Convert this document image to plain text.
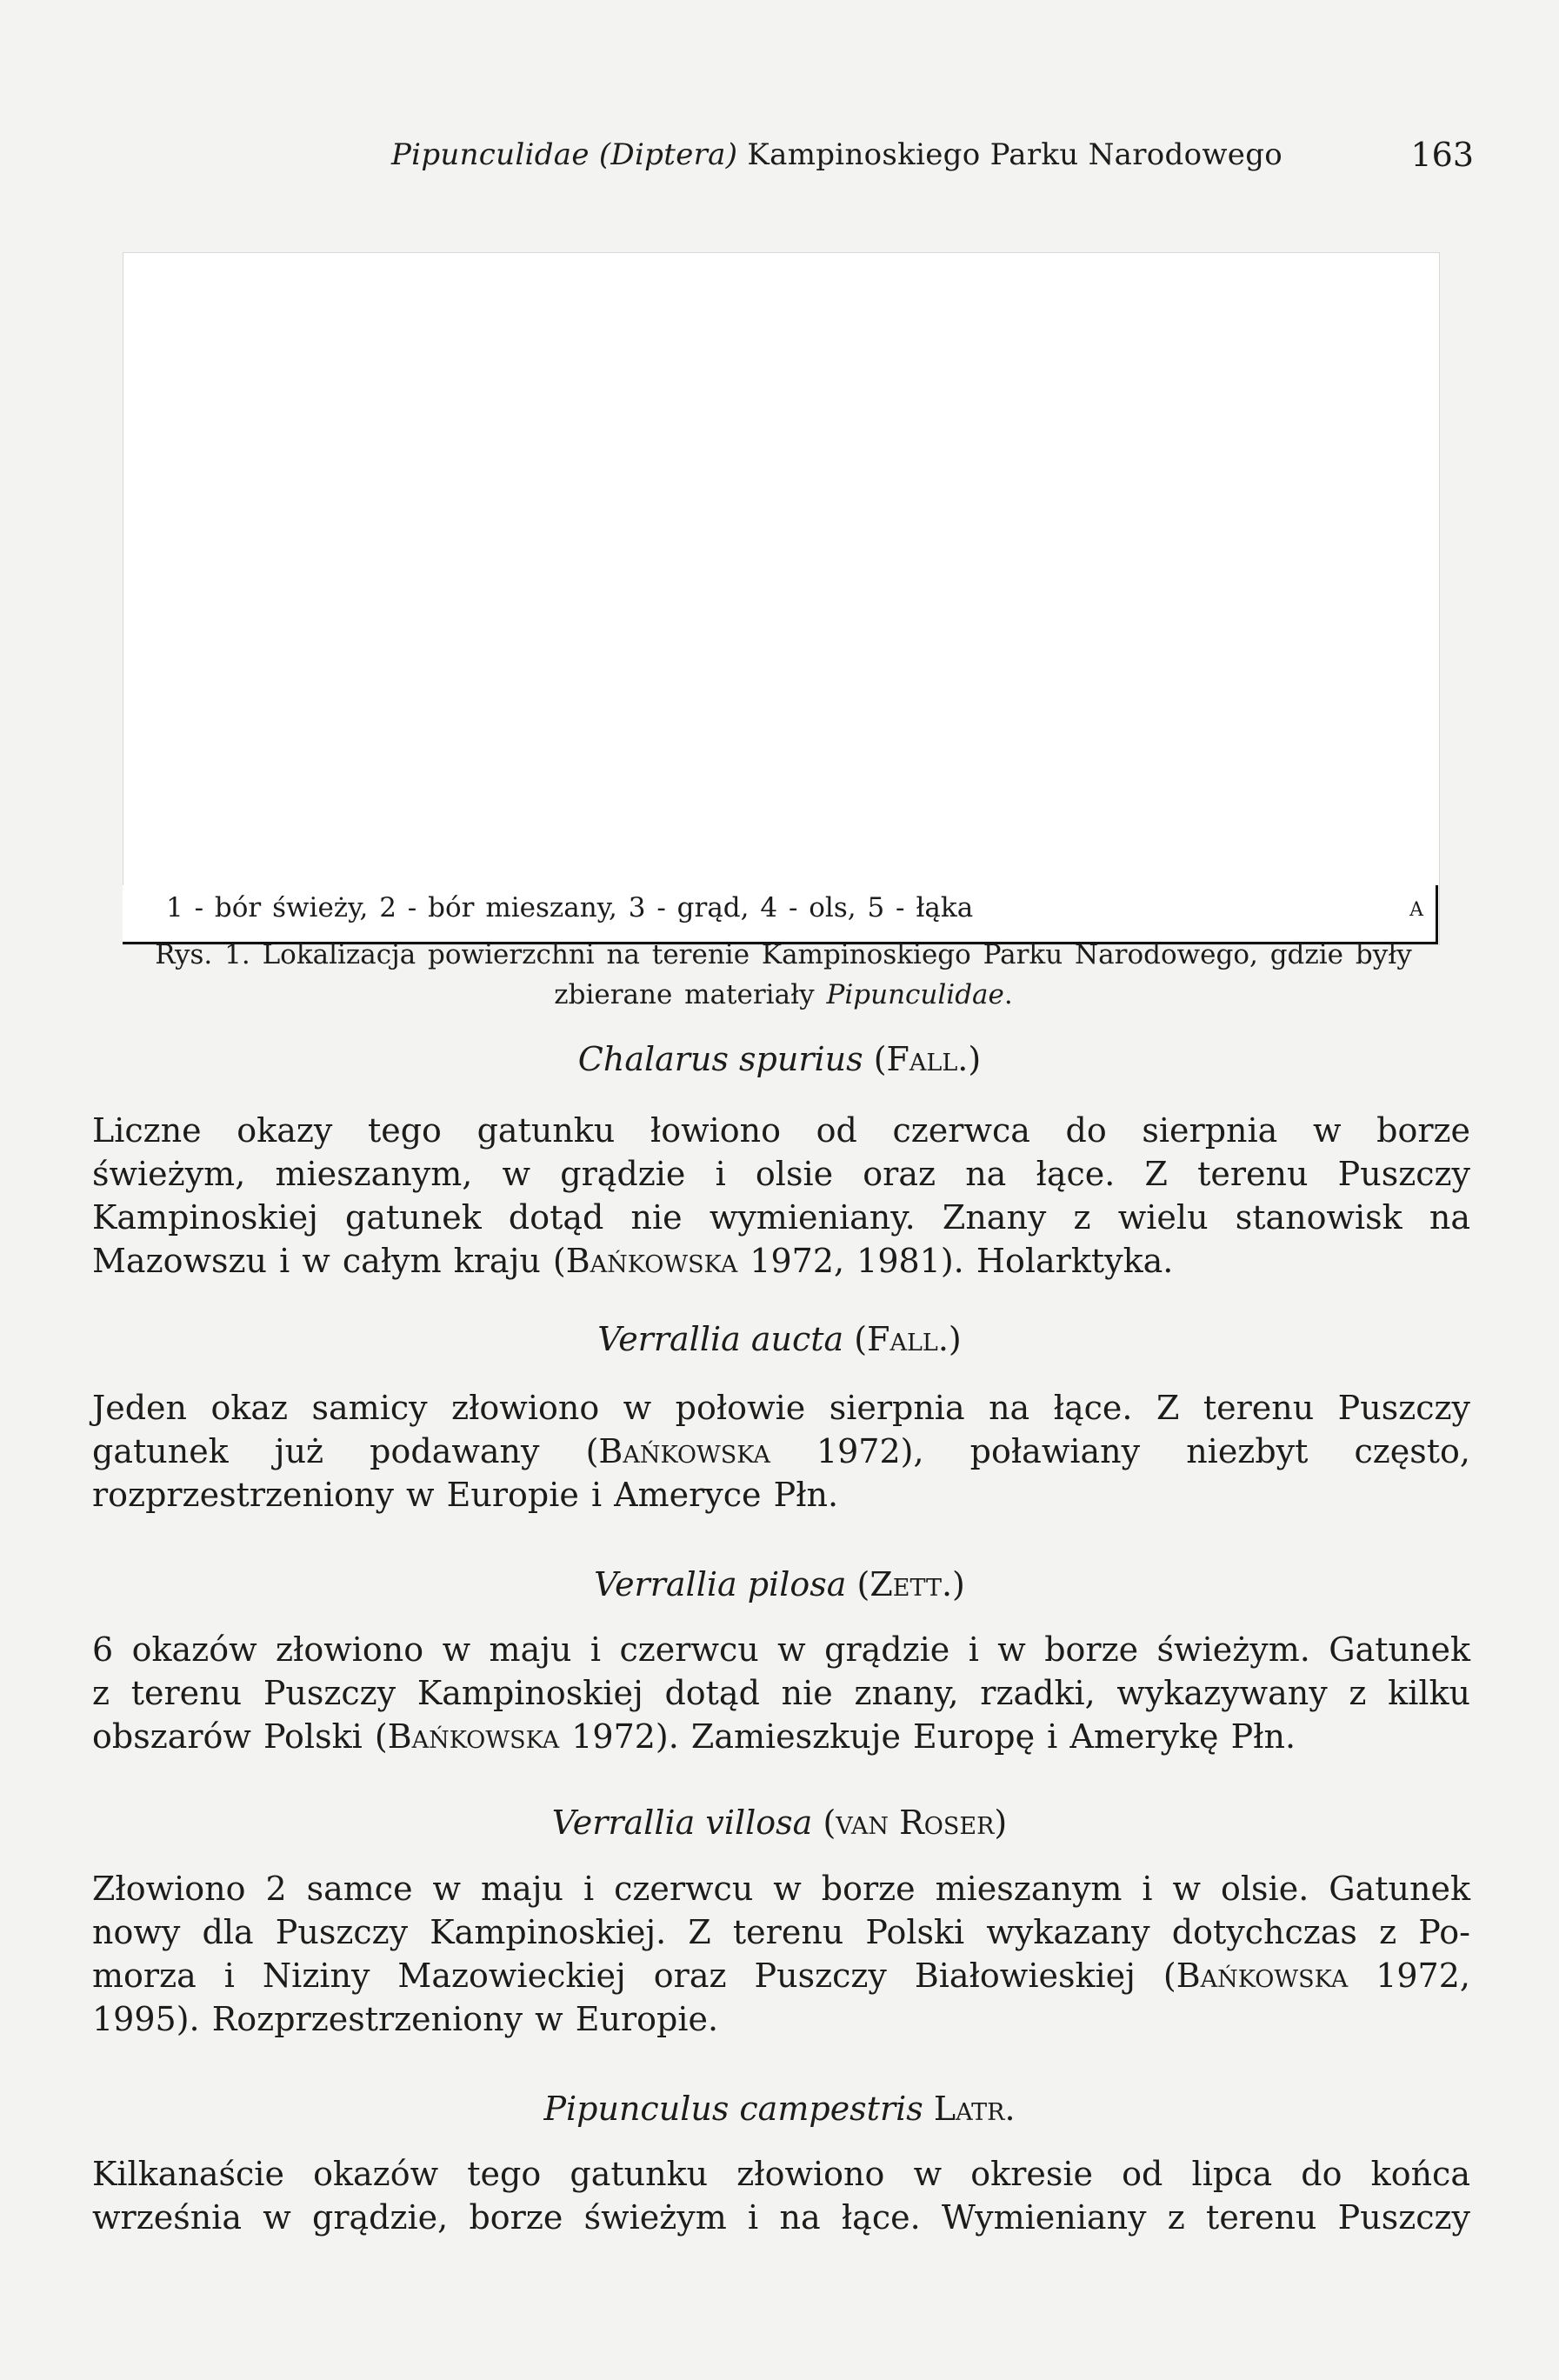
Pipunculidae (Diptera) Kampinoskiego Parku Narodowego	163
1 - bór świeży, 2 - bór mieszany, 3 - grąd, 4 - ols, 5 - łąka	A
Rys. 1. Lokalizacja powierzchni na terenie Kampinoskiego Parku Narodowego, gdzie były
zbierane materiały Pipunculidae.
Chalarus spurius (Fall.)
Liczne okazy tego gatunku łowiono od czerwca do sierpnia w borze
świeżym, mieszanym, w grądzie i olsie oraz na łące. Z terenu Puszczy
Kampinoskiej gatunek dotąd nie wymieniany. Znany z wielu stanowisk na
Mazowszu i w całym kraju (Bańkowska 1972, 1981). Holarktyka.
Verrallia aucta (Fall.)
Jeden okaz samicy złowiono w połowie sierpnia na łące. Z terenu Puszczy
gatunek już podawany (Bańkowska 1972), poławiany niezbyt często,
rozprzestrzeniony w Europie i Ameryce Płn.
Verrallia pilosa (Zett.)
6 okazów złowiono w maju i czerwcu w grądzie i w borze świeżym. Gatunek
z terenu Puszczy Kampinoskiej dotąd nie znany, rzadki, wykazywany z kilku
obszarów Polski (Bańkowska 1972). Zamieszkuje Europę i Amerykę Płn.
Verrallia villosa (van Roser)
Złowiono 2 samce w maju i czerwcu w borze mieszanym i w olsie. Gatunek
nowy dla Puszczy Kampinoskiej. Z terenu Polski wykazany dotychczas z Po-
morza i Niziny Mazowieckiej oraz Puszczy Białowieskiej (Bańkowska 1972,
1995). Rozprzestrzeniony w Europie.
Pipunculus campestris Latr.
Kilkanaście okazów tego gatunku złowiono w okresie od lipca do końca
września w grądzie, borze świeżym i na łące. Wymieniany z terenu Puszczy
